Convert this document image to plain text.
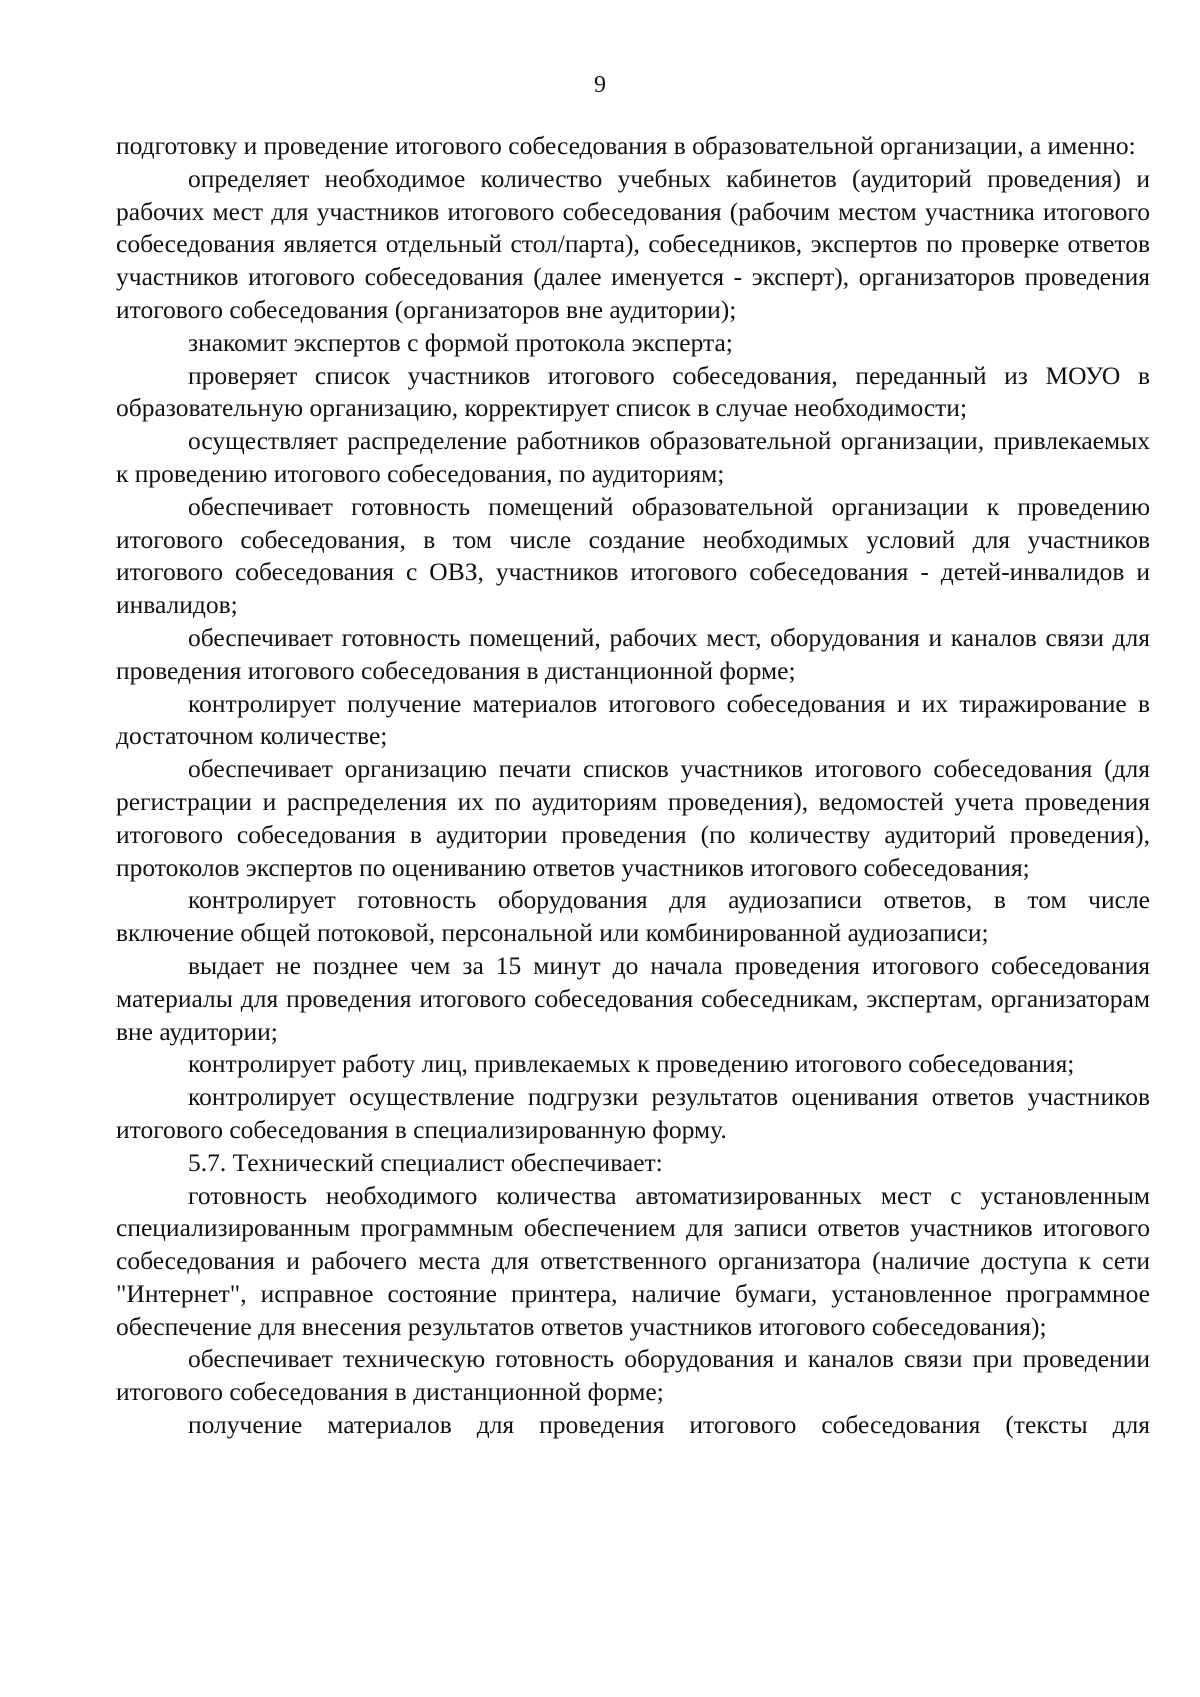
9

подготовку и проведение итогового собеседования в образовательной организации, а именно:

определяет необходимое количество учебных кабинетов (аудиторий проведения) и рабочих мест для участников итогового собеседования (рабочим местом участника итогового собеседования является отдельный стол/парта), собеседников, экспертов по проверке ответов участников итогового собеседования (далее именуется - эксперт), организаторов проведения итогового собеседования (организаторов вне аудитории);

знакомит экспертов с формой протокола эксперта;

проверяет список участников итогового собеседования, переданный из МОУО в образовательную организацию, корректирует список в случае необходимости;

осуществляет распределение работников образовательной организации, привлекаемых к проведению итогового собеседования, по аудиториям;

обеспечивает готовность помещений образовательной организации к проведению итогового собеседования, в том числе создание необходимых условий для участников итогового собеседования с ОВЗ, участников итогового собеседования - детей-инвалидов и инвалидов;

обеспечивает готовность помещений, рабочих мест, оборудования и каналов связи для проведения итогового собеседования в дистанционной форме;

контролирует получение материалов итогового собеседования и их тиражирование в достаточном количестве;

обеспечивает организацию печати списков участников итогового собеседования (для регистрации и распределения их по аудиториям проведения), ведомостей учета проведения итогового собеседования в аудитории проведения (по количеству аудиторий проведения), протоколов экспертов по оцениванию ответов участников итогового собеседования;

контролирует готовность оборудования для аудиозаписи ответов, в том числе включение общей потоковой, персональной или комбинированной аудиозаписи;

выдает не позднее чем за 15 минут до начала проведения итогового собеседования материалы для проведения итогового собеседования собеседникам, экспертам, организаторам вне аудитории;

контролирует работу лиц, привлекаемых к проведению итогового собеседования;

контролирует осуществление подгрузки результатов оценивания ответов участников итогового собеседования в специализированную форму.

5.7. Технический специалист обеспечивает:

готовность необходимого количества автоматизированных мест с установленным специализированным программным обеспечением для записи ответов участников итогового собеседования и рабочего места для ответственного организатора (наличие доступа к сети "Интернет", исправное состояние принтера, наличие бумаги, установленное программное обеспечение для внесения результатов ответов участников итогового собеседования);

обеспечивает техническую готовность оборудования и каналов связи при проведении итогового собеседования в дистанционной форме;

получение материалов для проведения итогового собеседования (тексты для
